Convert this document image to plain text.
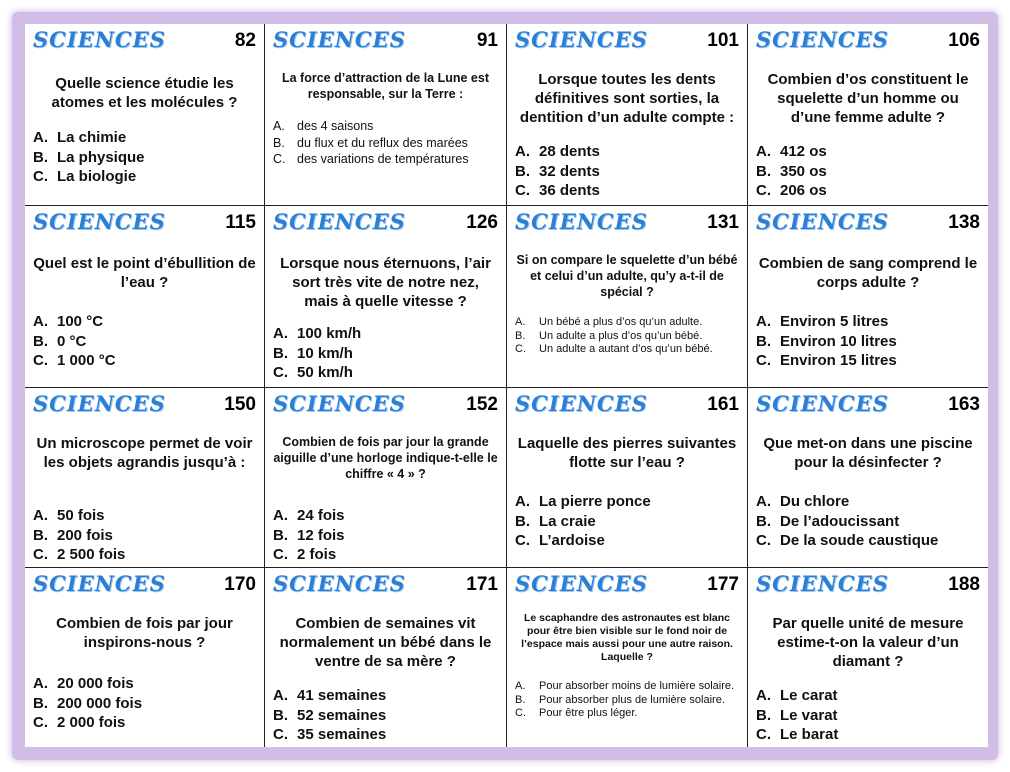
SCIENCES	82
Quelle science étudie les atomes et les molécules ?
A. La chimie
B. La physique
C. La biologie
SCIENCES	91
La force d’attraction de la Lune est responsable, sur la Terre :
A. des 4 saisons
B. du flux et du reflux des marées
C. des variations de températures
SCIENCES	101
Lorsque toutes les dents définitives sont sorties, la dentition d’un adulte compte :
A. 28 dents
B. 32 dents
C. 36 dents
SCIENCES	106
Combien d’os constituent le squelette d’un homme ou d’une femme adulte ?
A. 412 os
B. 350 os
C. 206 os
SCIENCES	115
Quel est le point d’ébullition de l’eau ?
A. 100 °C
B. 0 °C
C. 1 000 °C
SCIENCES	126
Lorsque nous éternuons, l’air sort très vite de notre nez, mais à quelle vitesse ?
A. 100 km/h
B. 10 km/h
C. 50 km/h
SCIENCES	131
Si on compare le squelette d’un bébé et celui d’un adulte, qu’y a-t-il de spécial ?
A.	Un bébé a plus d’os qu’un adulte.
B.	Un adulte a plus d’os qu’un bébé.
C.	Un adulte a autant d’os qu’un bébé.
SCIENCES	138
Combien de sang comprend le corps adulte ?
A. Environ 5 litres
B. Environ 10 litres
C. Environ 15 litres
SCIENCES	150
Un microscope permet de voir les objets agrandis jusqu’à :
A. 50 fois
B. 200 fois
C. 2 500 fois
SCIENCES	152
Combien de fois par jour la grande aiguille d’une horloge indique-t-elle le chiffre « 4 » ?
A. 24 fois
B. 12 fois
C. 2 fois
SCIENCES	161
Laquelle des pierres suivantes flotte sur l’eau ?
A. La pierre ponce
B. La craie
C. L’ardoise
SCIENCES	163
Que met-on dans une piscine pour la désinfecter ?
A. Du chlore
B. De l’adoucissant
C. De la soude caustique
SCIENCES	170
Combien de fois par jour inspirons-nous ?
A. 20 000 fois
B. 200 000 fois
C. 2 000 fois
SCIENCES	171
Combien de semaines vit normalement un bébé dans le ventre de sa mère ?
A. 41 semaines
B. 52 semaines
C. 35 semaines
SCIENCES	177
Le scaphandre des astronautes est blanc pour être bien visible sur le fond noir de l’espace mais aussi pour une autre raison. Laquelle ?
A.	Pour absorber moins de lumière solaire.
B.	Pour absorber plus de lumière solaire.
C.	Pour être plus léger.
SCIENCES	188
Par quelle unité de mesure estime-t-on la valeur d’un diamant ?
A. Le carat
B. Le varat
C. Le barat
